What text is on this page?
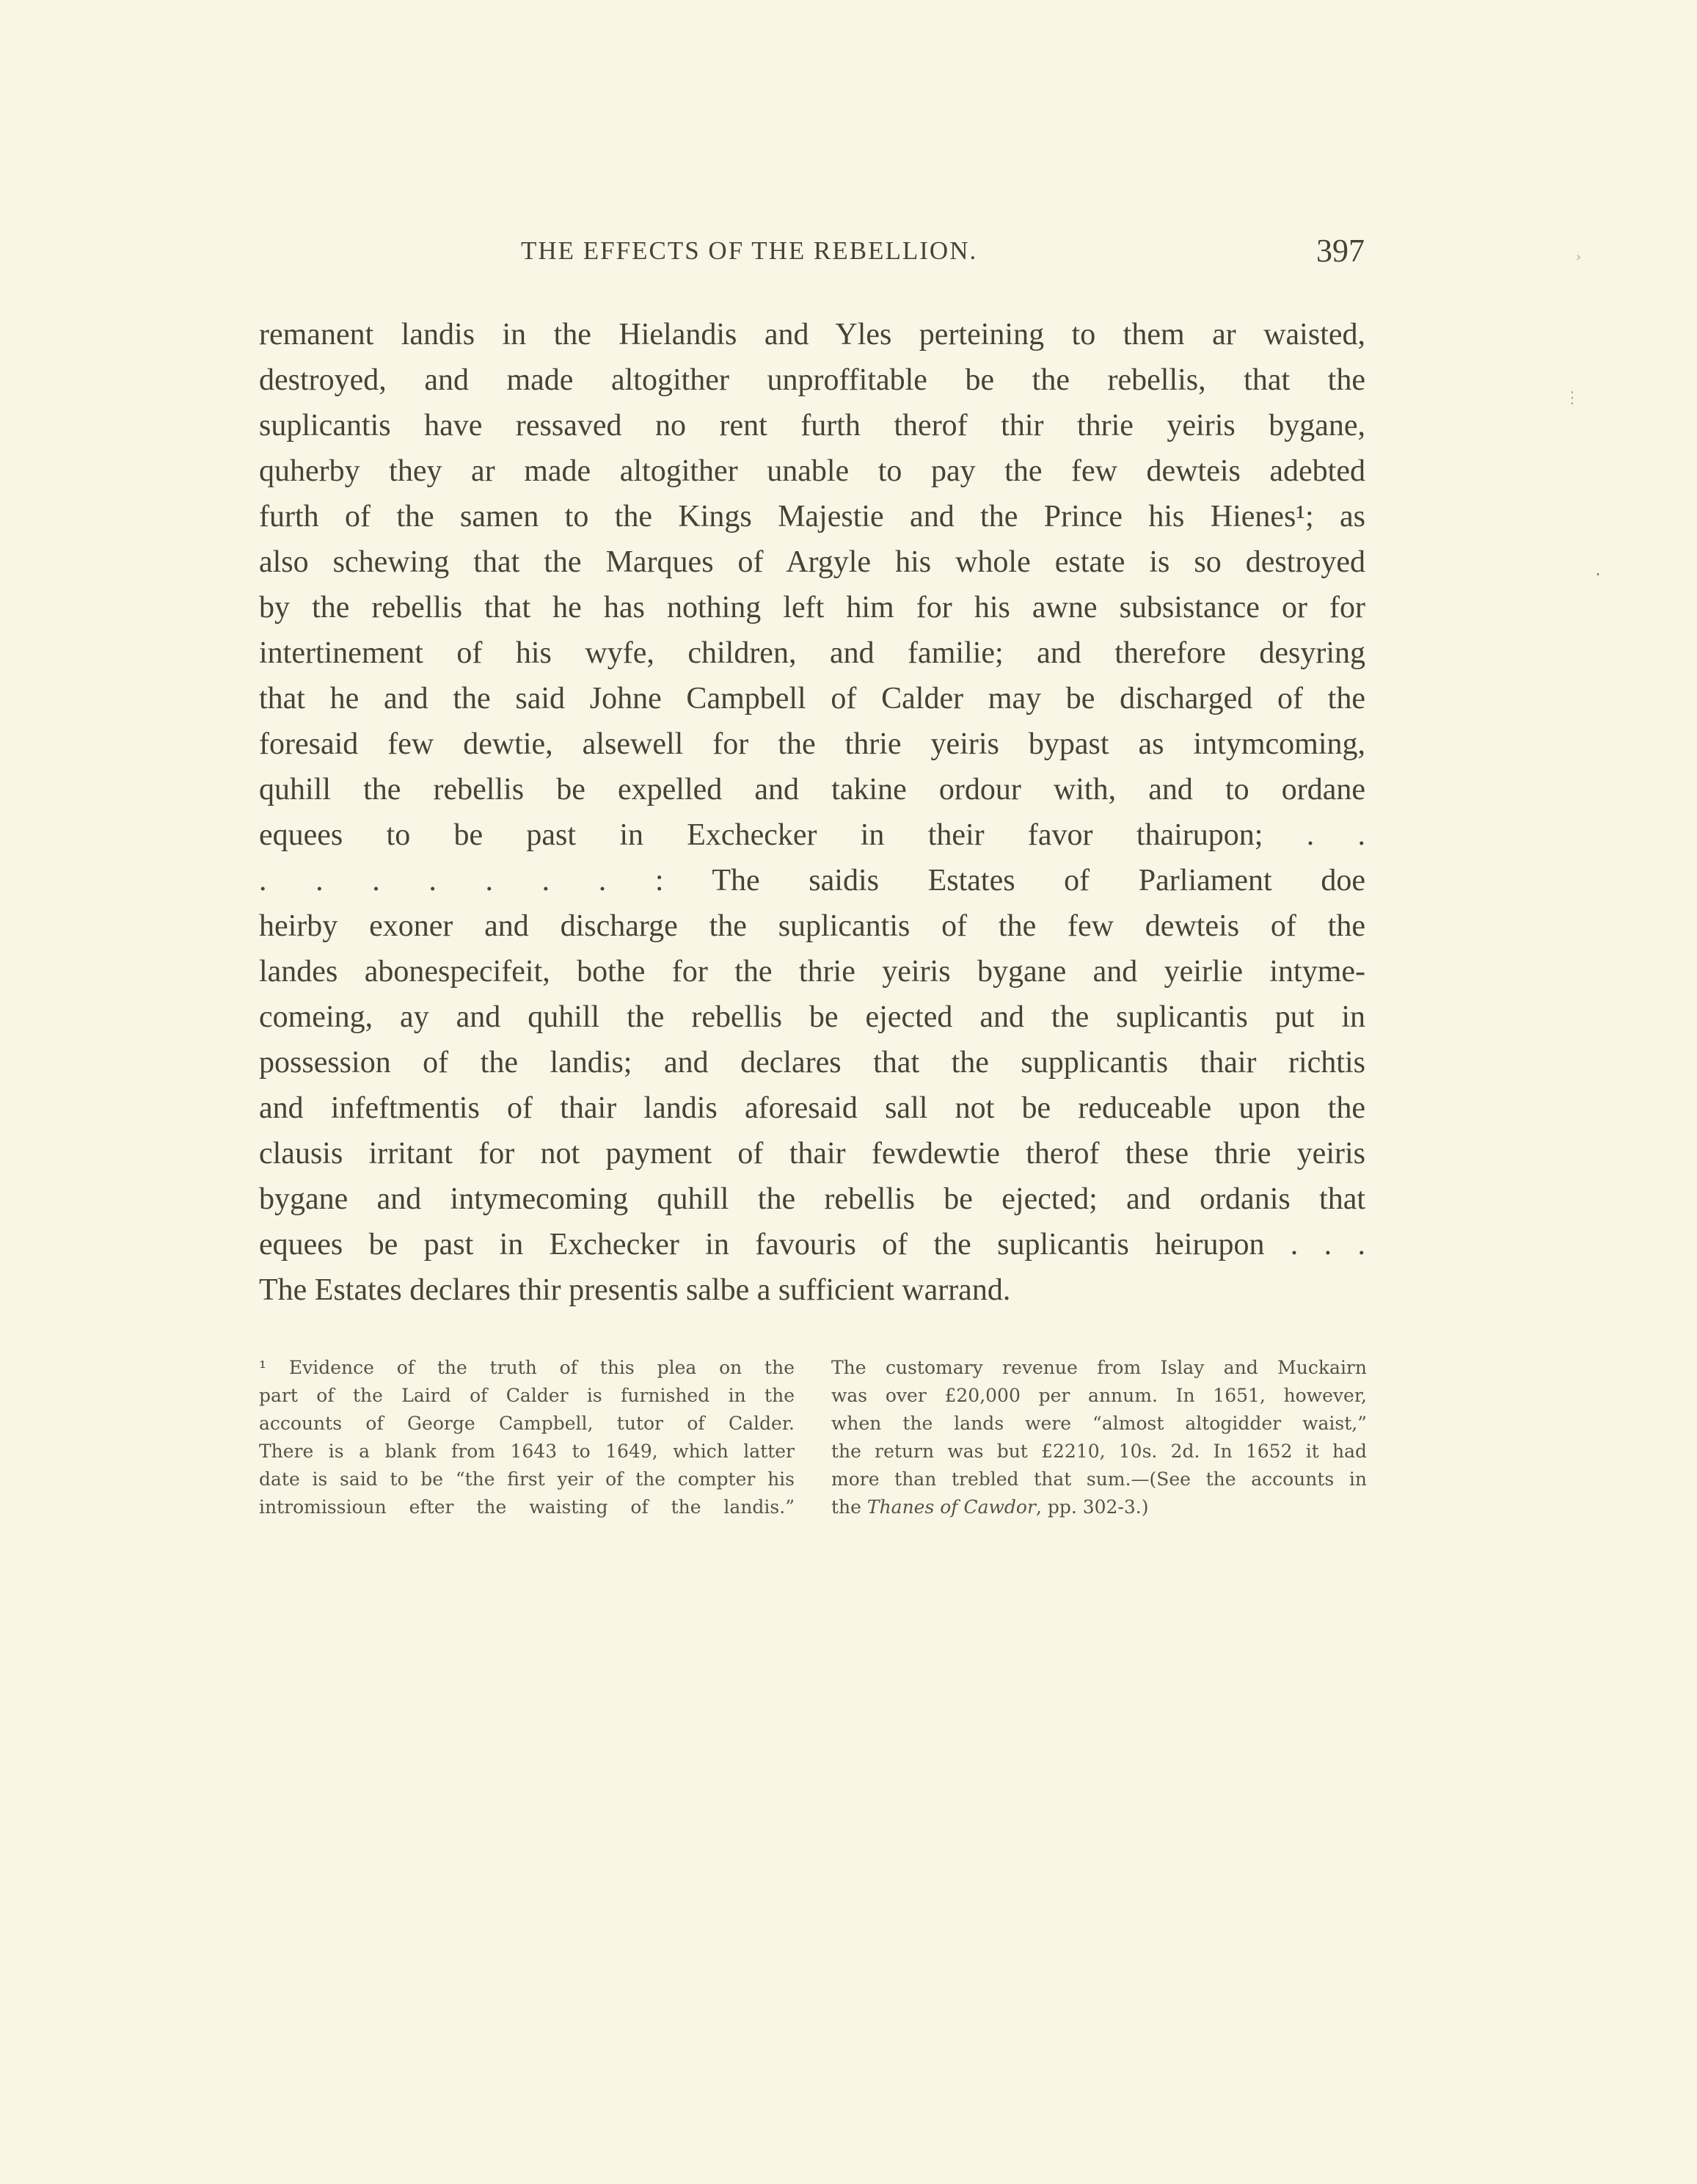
THE EFFECTS OF THE REBELLION.	397
remanent landis in the Hielandis and Yles perteining to them ar waisted,
destroyed, and made altogither unproffitable be the rebellis, that the
suplicantis have ressaved no rent furth therof thir thrie yeiris bygane,
quherby they ar made altogither unable to pay the few dewteis adebted
furth of the samen to the Kings Majestie and the Prince his Hienes¹; as
also schewing that the Marques of Argyle his whole estate is so destroyed
by the rebellis that he has nothing left him for his awne subsistance or for
intertinement of his wyfe, children, and familie; and therefore desyring
that he and the said Johne Campbell of Calder may be discharged of the
foresaid few dewtie, alsewell for the thrie yeiris bypast as intymcoming,
quhill the rebellis be expelled and takine ordour with, and to ordane
equees to be past in Exchecker in their favor thairupon; . .
. . . . . . . : The saidis Estates of Parliament doe
heirby exoner and discharge the suplicantis of the few dewteis of the
landes abonespecifeit, bothe for the thrie yeiris bygane and yeirlie intyme-
comeing, ay and quhill the rebellis be ejected and the suplicantis put in
possession of the landis; and declares that the supplicantis thair richtis
and infeftmentis of thair landis aforesaid sall not be reduceable upon the
clausis irritant for not payment of thair fewdewtie therof these thrie yeiris
bygane and intymecoming quhill the rebellis be ejected; and ordanis that
equees be past in Exchecker in favouris of the suplicantis heirupon . . .
The Estates declares thir presentis salbe a sufficient warrand.
¹ Evidence of the truth of this plea on the
part of the Laird of Calder is furnished in the
accounts of George Campbell, tutor of Calder.
There is a blank from 1643 to 1649, which latter
date is said to be “the first yeir of the compter his
intromissioun efter the waisting of the landis.”
The customary revenue from Islay and Muckairn
was over £20,000 per annum. In 1651, however,
when the lands were “almost altogidder waist,”
the return was but £2210, 10s. 2d. In 1652 it had
more than trebled that sum.—(See the accounts in
the Thanes of Cawdor, pp. 302-3.)
›
⋮
․
